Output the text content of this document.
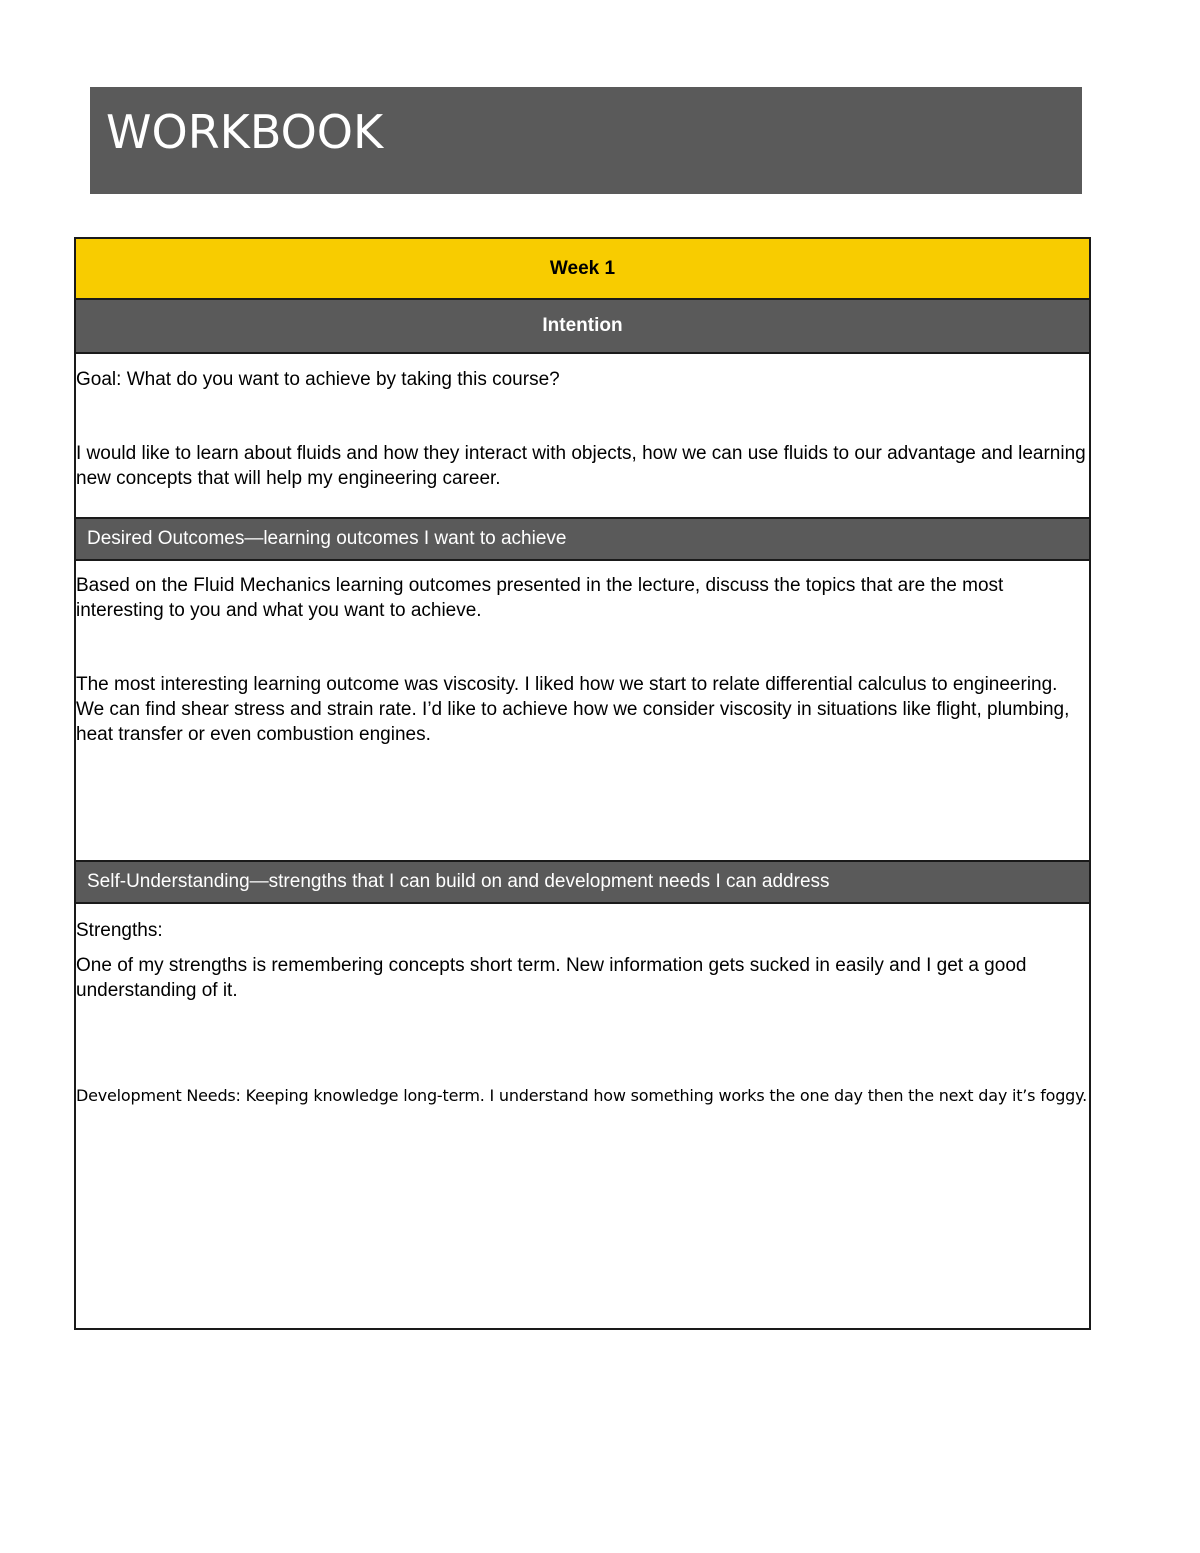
WORKBOOK
Week 1
Intention
Goal: What do you want to achieve by taking this course?
I would like to learn about fluids and how they interact with objects, how we can use fluids to our advantage and learning new concepts that will help my engineering career.
Desired Outcomes—learning outcomes I want to achieve
Based on the Fluid Mechanics learning outcomes presented in the lecture, discuss the topics that are the most interesting to you and what you want to achieve.
The most interesting learning outcome was viscosity. I liked how we start to relate differential calculus to engineering. We can find shear stress and strain rate. I’d like to achieve how we consider viscosity in situations like flight, plumbing, heat transfer or even combustion engines.
Self-Understanding—strengths that I can build on and development needs I can address
Strengths:
One of my strengths is remembering concepts short term. New information gets sucked in easily and I get a good understanding of it.
Development Needs: Keeping knowledge long-term. I understand how something works the one day then the next day it’s foggy.
